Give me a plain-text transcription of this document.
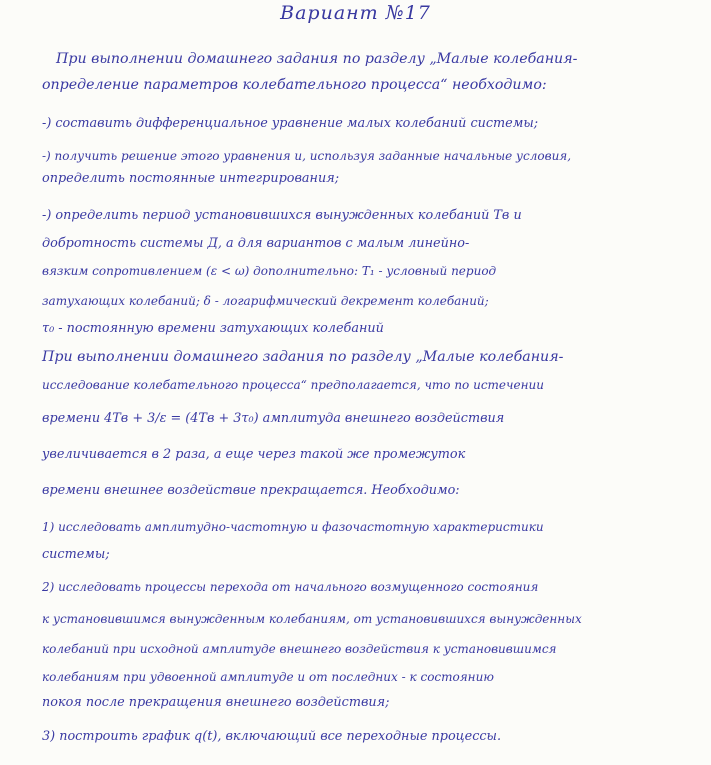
Вариант №17
При выполнении домашнего задания по разделу „Малые колебания-
определение параметров колебательного процесса“ необходимо:
-) составить дифференциальное уравнение малых колебаний системы;
-) получить решение этого уравнения и, используя заданные начальные условия,
определить постоянные интегрирования;
-) определить период установившихся вынужденных колебаний Tв и
добротность системы Д, а для вариантов с малым линейно-
вязким сопротивлением (ε < ω) дополнительно: T₁ - условный период
затухающих колебаний; δ - логарифмический декремент колебаний;
τ₀ - постоянную времени затухающих колебаний
При выполнении домашнего задания по разделу „Малые колебания-
исследование колебательного процесса“ предполагается, что по истечении
времени 4Tв + 3/ε = (4Tв + 3τ₀) амплитуда внешнего воздействия
увеличивается в 2 раза, а еще через такой же промежуток
времени внешнее воздействие прекращается. Необходимо:
1) исследовать амплитудно-частотную и фазочастотную характеристики
системы;
2) исследовать процессы перехода от начального возмущенного состояния
к установившимся вынужденным колебаниям, от установившихся вынужденных
колебаний при исходной амплитуде внешнего воздействия к установившимся
колебаниям при удвоенной амплитуде и от последних - к состоянию
покоя после прекращения внешнего воздействия;
3) построить график q(t), включающий все переходные процессы.
